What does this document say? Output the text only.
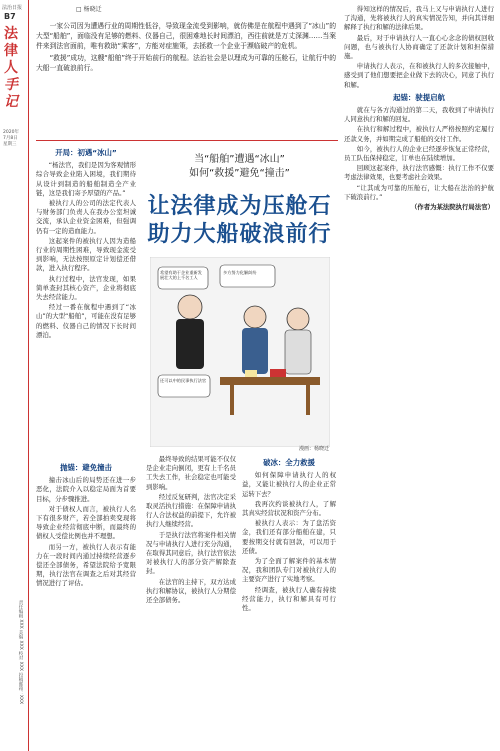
法治日报
B7
法
律
人
手
记
2020年
7月8日
星期三
责任编辑 XXX 美编 XXX 校对 XXX 投稿邮箱：XXX
□ 杨晓迁
一家公司因为遭遇行业的周期性低谷，导致现金流受到影响，就仿佛是在航程中遇到了“冰山”的大型“船舶”，面临没有足够的燃料、仪器自己，很困难地长时间漂泊，西往前就是万丈深渊……当案件来到法官面前，唯有救助“乘客”，方能对症施策，去拯救一个企业于濒临破产的危机。
“救援”成功，这艘“船舶”终于开始前行的航程。法治社会是以理成为可靠的压舱石，让航行中的大船一直破浪前行。

开局：初遇“冰山”

“杨法官，我们是因为客观情形综合导致企业陷入困境，我们期待从设计到制造的船舶制造全产业链，这是我们寄予厚望的产品。”

被执行人的公司的法定代表人与财务部门负责人在我办公室坦诚交流，承认企业资金困难，但强调仍有一定的造血能力。

这起案件的被执行人因为造船行业的周期性困难，导致现金流受到影响，无法按照原定计划偿还借款，进入执行程序。

执行过程中，法官发现，如果简单查封其核心资产，企业将彻底失去经营能力。

经过一番在航程中遇到了“冰山”的大型“船舶”，可能在没有足够的燃料、仪器自己的情况下长时间漂泊。

抛锚：避免撞击

撞击冰山后的局势还在进一步恶化，法院介入以稳定局面为首要目标，分步骤推进。

对于债权人而言，被执行人名下有很多财产，若全部拍卖变现将导致企业经营彻底中断，而最终的债权人受偿比例也并不理想。

而另一方，被执行人表示有能力在一段时间内通过持续经营逐步偿还全部债务，希望法院给予宽限期，执行法官在调查之后对其经营情况进行了评估。

当“船舶”遭遇“冰山”
如何“救援”避免“撞击”
让法律成为压舱石
助力大船破浪前行
希望有助于企业重新发展壮大的上千名工人
多方努力化解纠纷
还可以中的民事执行法官
漫画：杨晓迁

最终导致的结果可能不仅仅是企业走向倒闭，更有上千名员工失去工作，社会稳定也可能受到影响。

经过反复研判，法官决定采取灵活执行措施：在保障申请执行人合法权益的前提下，允许被执行人继续经营。

于是执行法官将案件相关情况与申请执行人进行充分沟通，在取得其同意后，执行法官依法对被执行人的部分资产解除查封。

在法官的主持下，双方达成执行和解协议，被执行人分期偿还全部债务。

破冰：全力救援

如何保障申请执行人的权益，又能让被执行人的企业正常运转下去？

我再次约谈被执行人，了解其真实经营状况和资产分布。

被执行人表示：为了盘活资金，我们还有部分船舶在建，只要按期交付就有回款，可以用于还债。

为了全面了解案件的基本情况，我和团队专门对被执行人的主要资产进行了实地考察。

经调查，被执行人确有持续经营能力，执行和解具有可行性。

得知这样的情况后，我马上又与申请执行人进行了沟通，先将被执行人的真实情况告知，并向其详细解释了执行和解的法律后果。

最后，对于申请执行人一直心心念念的债权回收问题，也与被执行人协商确定了还款计划和担保措施。

申请执行人表示，在和被执行人的多次接触中，感受到了他们想要把企业做下去的决心，同意了执行和解。

起锚：驶提启航

就在与各方沟通过的第二天，我收到了申请执行人同意执行和解的回复。

在执行和解过程中，被执行人严格按照约定履行还款义务，并如期完成了船舶的交付工作。

如今，被执行人的企业已经逐步恢复正常经营，员工队伍保持稳定，订单也在陆续增加。

回顾这起案件，执行法官感慨：执行工作不仅要考虑法律效果，也要考虑社会效果。

“让其成为可靠的压舱石，让大船在法治的护航下破浪前行。”

（作者为某法院执行局法官）
